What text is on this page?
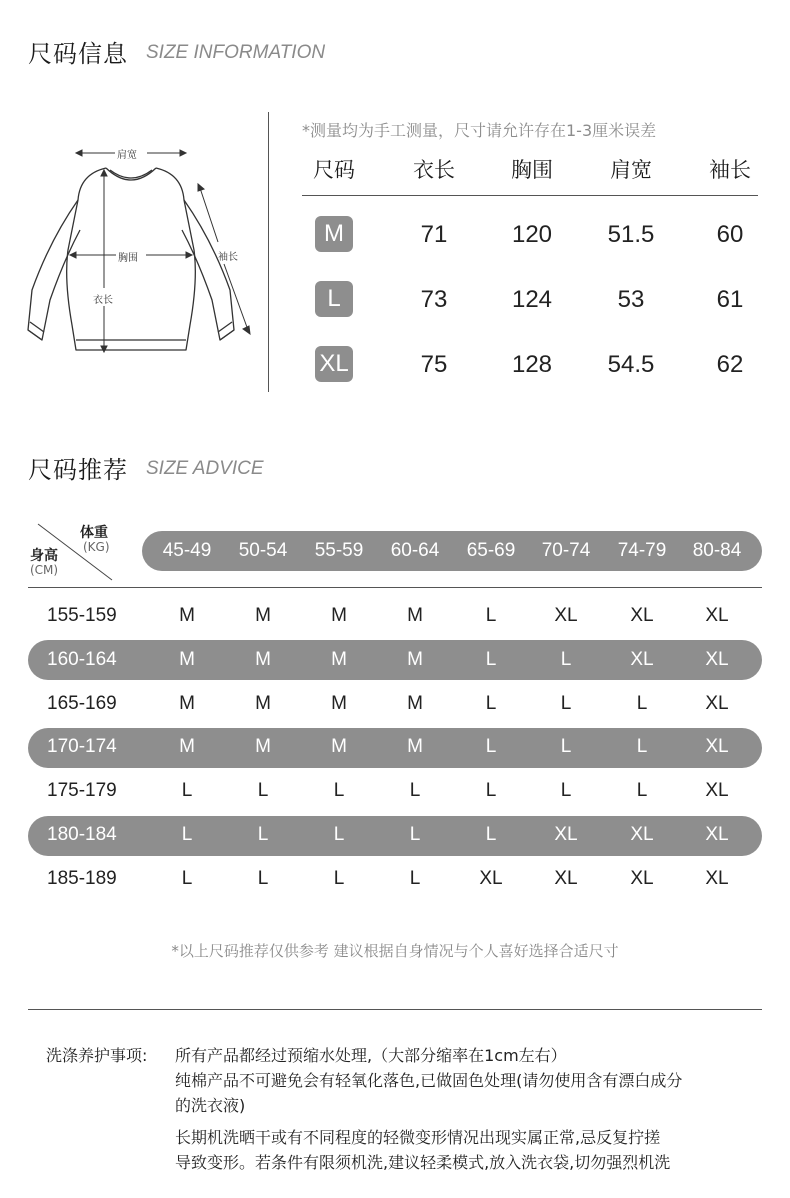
尺码信息 SIZE INFORMATION
肩宽
胸围	袖长
衣长
*测量均为手工测量，尺寸请允许存在1-3厘米误差
尺码	衣长	胸围	肩宽	袖长
M	71	120	51.5	60
L	73	124	53	61
XL	75	128	54.5	62
尺码推荐 SIZE ADVICE
体重
(KG)
身高
(CM)
45-49	50-54	55-59	60-64	65-69	70-74	74-79	80-84
155-159	M	M	M	M	L	XL	XL	XL
160-164	M	M	M	M	L	L	XL	XL
165-169	M	M	M	M	L	L	L	XL
170-174	M	M	M	M	L	L	L	XL
175-179	L	L	L	L	L	L	L	XL
180-184	L	L	L	L	L	XL	XL	XL
185-189	L	L	L	L	XL	XL	XL	XL
*以上尺码推荐仅供参考 建议根据自身情况与个人喜好选择合适尺寸
洗涤养护事项: 所有产品都经过预缩水处理,（大部分缩率在1cm左右）
纯棉产品不可避免会有轻氧化落色,已做固色处理(请勿使用含有漂白成分
的洗衣液)
长期机洗晒干或有不同程度的轻微变形情况出现实属正常,忌反复拧搓
导致变形。若条件有限须机洗,建议轻柔模式,放入洗衣袋,切勿强烈机洗
